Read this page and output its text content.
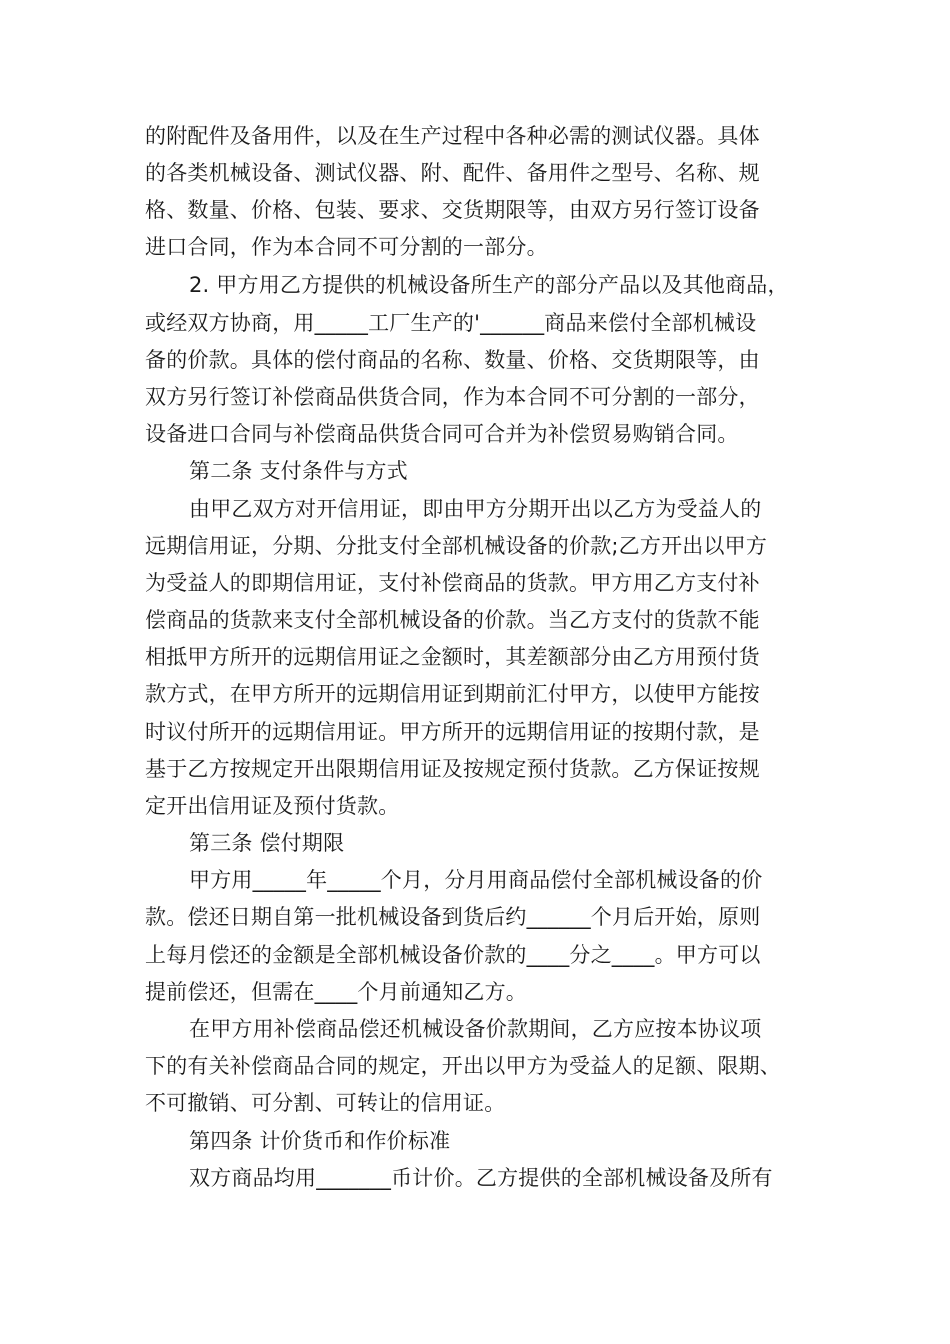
的附配件及备用件，以及在生产过程中各种必需的测试仪器。具体
的各类机械设备、测试仪器、附、配件、备用件之型号、名称、规
格、数量、价格、包装、要求、交货期限等，由双方另行签订设备
进口合同，作为本合同不可分割的一部分。
2. 甲方用乙方提供的机械设备所生产的部分产品以及其他商品，
或经双方协商，用_____工厂生产的'______商品来偿付全部机械设
备的价款。具体的偿付商品的名称、数量、价格、交货期限等，由
双方另行签订补偿商品供货合同，作为本合同不可分割的一部分，
设备进口合同与补偿商品供货合同可合并为补偿贸易购销合同。
第二条 支付条件与方式
由甲乙双方对开信用证，即由甲方分期开出以乙方为受益人的
远期信用证，分期、分批支付全部机械设备的价款;乙方开出以甲方
为受益人的即期信用证，支付补偿商品的货款。甲方用乙方支付补
偿商品的货款来支付全部机械设备的价款。当乙方支付的货款不能
相抵甲方所开的远期信用证之金额时，其差额部分由乙方用预付货
款方式，在甲方所开的远期信用证到期前汇付甲方，以使甲方能按
时议付所开的远期信用证。甲方所开的远期信用证的按期付款，是
基于乙方按规定开出限期信用证及按规定预付货款。乙方保证按规
定开出信用证及预付货款。
第三条 偿付期限
甲方用_____年_____个月，分月用商品偿付全部机械设备的价
款。偿还日期自第一批机械设备到货后约______个月后开始，原则
上每月偿还的金额是全部机械设备价款的____分之____。甲方可以
提前偿还，但需在____个月前通知乙方。
在甲方用补偿商品偿还机械设备价款期间，乙方应按本协议项
下的有关补偿商品合同的规定，开出以甲方为受益人的足额、限期、
不可撤销、可分割、可转让的信用证。
第四条 计价货币和作价标准
双方商品均用_______币计价。乙方提供的全部机械设备及所有
